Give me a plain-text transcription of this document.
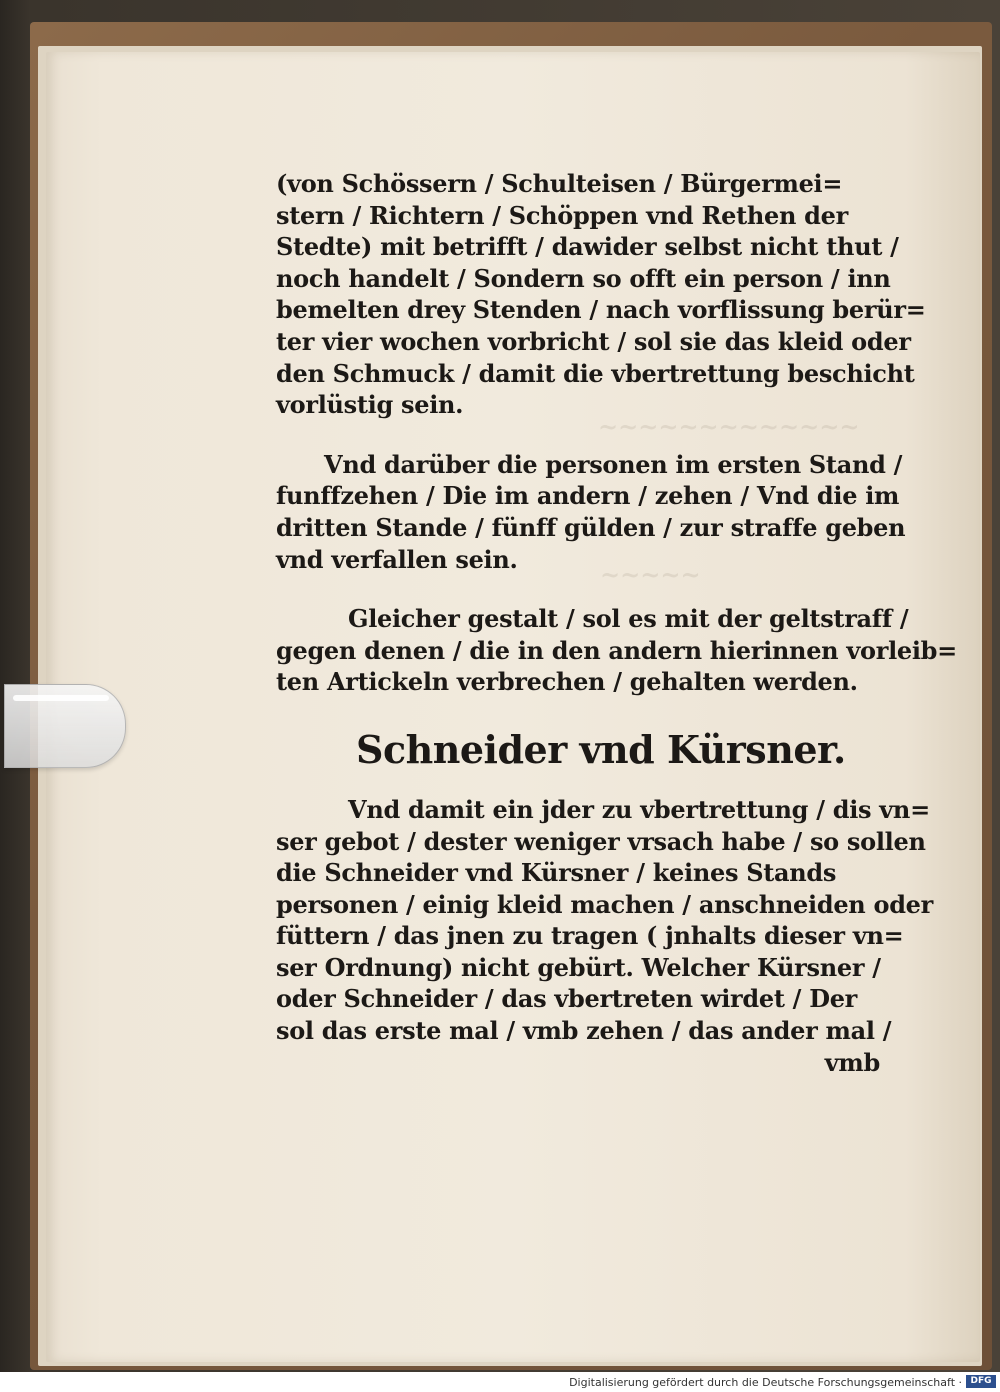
~~~~~~~~~~~~~
~~~~~
(von Schössern / Schulteisen / Bürgermei=
stern / Richtern / Schöppen vnd Rethen der
Stedte) mit betrifft / dawider selbst nicht thut /
noch handelt / Sondern so offt ein person / inn
bemelten drey Stenden / nach vorflissung berür=
ter vier wochen vorbricht / sol sie das kleid oder
den Schmuck / damit die vbertrettung beschicht
vorlüstig sein.
Vnd darüber die personen im ersten Stand /
funffzehen / Die im andern / zehen / Vnd die im
dritten Stande / fünff gülden / zur straffe geben
vnd verfallen sein.
Gleicher gestalt / sol es mit der geltstraff /
gegen denen / die in den andern hierinnen vorleib=
ten Artickeln verbrechen / gehalten werden.
Schneider vnd Kürsner.
Vnd damit ein jder zu vbertrettung / dis vn=
ser gebot / dester weniger vrsach habe / so sollen
die Schneider vnd Kürsner / keines Stands
personen / einig kleid machen / anschneiden oder
füttern / das jnen zu tragen ( jnhalts dieser vn=
ser Ordnung) nicht gebürt. Welcher Kürsner /
oder Schneider / das vbertreten wirdet / Der
sol das erste mal / vmb zehen / das ander mal /
vmb
Digitalisierung gefördert durch die Deutsche Forschungsgemeinschaft · DFG
